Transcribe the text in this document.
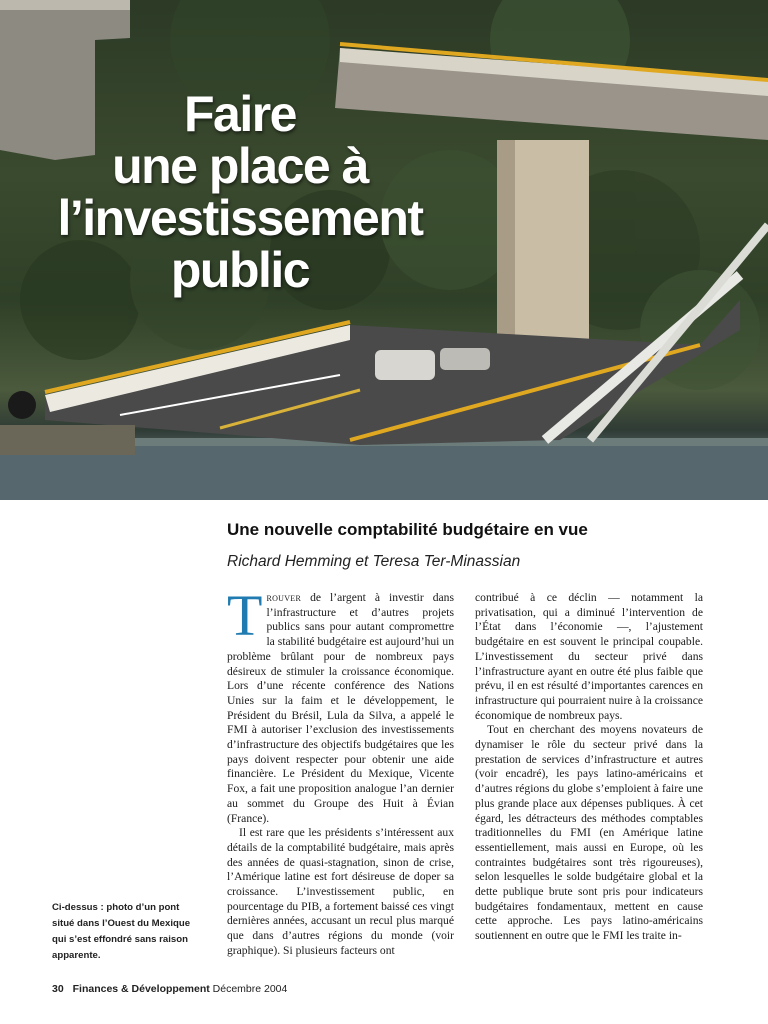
Faire
une place à
l’investissement
public
Une nouvelle comptabilité budgétaire en vue
Richard Hemming et Teresa Ter-Minassian

Trouver de l’argent à investir dans l’infrastructure et d’autres projets publics sans pour autant compromettre la stabilité budgétaire est aujourd’hui un problème brûlant pour de nombreux pays désireux de stimuler la croissance économique. Lors d’une récente conférence des Nations Unies sur la faim et le développement, le Président du Brésil, Lula da Silva, a appelé le FMI à autoriser l’exclusion des investissements d’infrastructure des objectifs budgétaires que les pays doivent respecter pour obtenir une aide financière. Le Président du Mexique, Vicente Fox, a fait une proposition analogue l’an dernier au sommet du Groupe des Huit à Évian (France).

Il est rare que les présidents s’intéressent aux détails de la comptabilité budgétaire, mais après des années de quasi-stagnation, sinon de crise, l’Amérique latine est fort désireuse de doper sa croissance. L’investissement public, en pourcentage du PIB, a fortement baissé ces vingt dernières années, accusant un recul plus marqué que dans d’autres régions du monde (voir graphique). Si plusieurs facteurs ont

contribué à ce déclin — notamment la privatisation, qui a diminué l’intervention de l’État dans l’économie —, l’ajustement budgétaire en est souvent le principal coupable. L’investissement du secteur privé dans l’infrastructure ayant en outre été plus faible que prévu, il en est résulté d’importantes carences en infrastructure qui pourraient nuire à la croissance économique de nombreux pays.

Tout en cherchant des moyens novateurs de dynamiser le rôle du secteur privé dans la prestation de services d’infrastructure et autres (voir encadré), les pays latino-américains et d’autres régions du globe s’emploient à faire une plus grande place aux dépenses publiques. À cet égard, les détracteurs des méthodes comptables traditionnelles du FMI (en Amérique latine essentiellement, mais aussi en Europe, où les contraintes budgétaires sont très rigoureuses), selon lesquelles le solde budgétaire global et la dette publique brute sont pris pour indicateurs budgétaires fondamentaux, mettent en cause cette approche. Les pays latino-américains soutiennent en outre que le FMI les traite in-

Ci-dessus : photo d’un pont
situé dans l’Ouest du Mexique
qui s’est effondré sans raison
apparente.
30 Finances & Développement Décembre 2004
